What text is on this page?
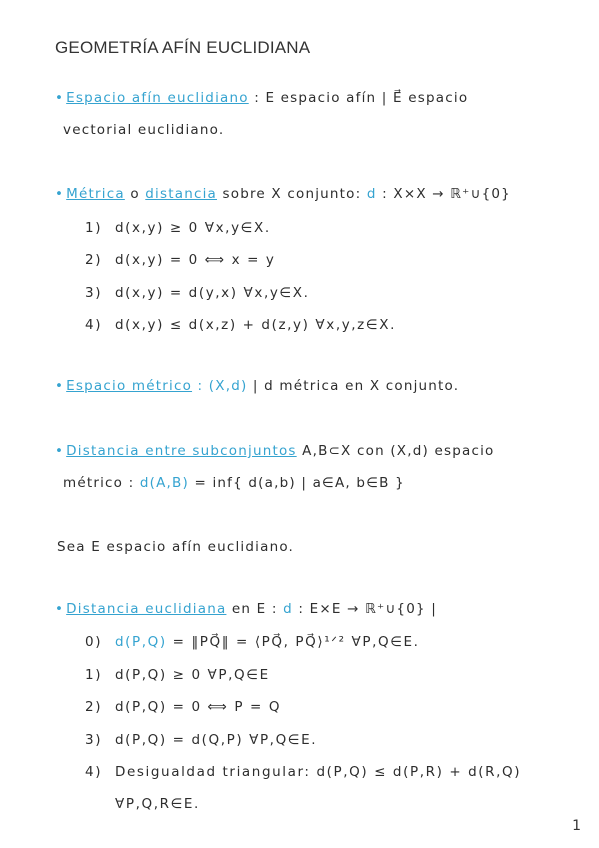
GEOMETRÍA AFÍN EUCLIDIANA
• Espacio afín euclidiano : E espacio afín | E⃗ espacio
vectorial euclidiano.
• Métrica o distancia sobre X conjunto: d : X×X → ℝ⁺∪{0}
1) d(x,y) ≥ 0 ∀x,y∈X.
2) d(x,y) = 0 ⟺ x = y
3) d(x,y) = d(y,x) ∀x,y∈X.
4) d(x,y) ≤ d(x,z) + d(z,y) ∀x,y,z∈X.
• Espacio métrico : (X,d) | d métrica en X conjunto.
• Distancia entre subconjuntos A,B⊂X con (X,d) espacio
métrico : d(A,B) = inf{ d(a,b) | a∈A, b∈B }
Sea E espacio afín euclidiano.
• Distancia euclidiana en E : d : E×E → ℝ⁺∪{0} |
0) d(P,Q) = ‖PQ⃗‖ = ⟨PQ⃗, PQ⃗⟩¹ᐟ² ∀P,Q∈E.
1) d(P,Q) ≥ 0 ∀P,Q∈E
2) d(P,Q) = 0 ⟺ P = Q
3) d(P,Q) = d(Q,P) ∀P,Q∈E.
4) Desigualdad triangular: d(P,Q) ≤ d(P,R) + d(R,Q)
∀P,Q,R∈E.
1
